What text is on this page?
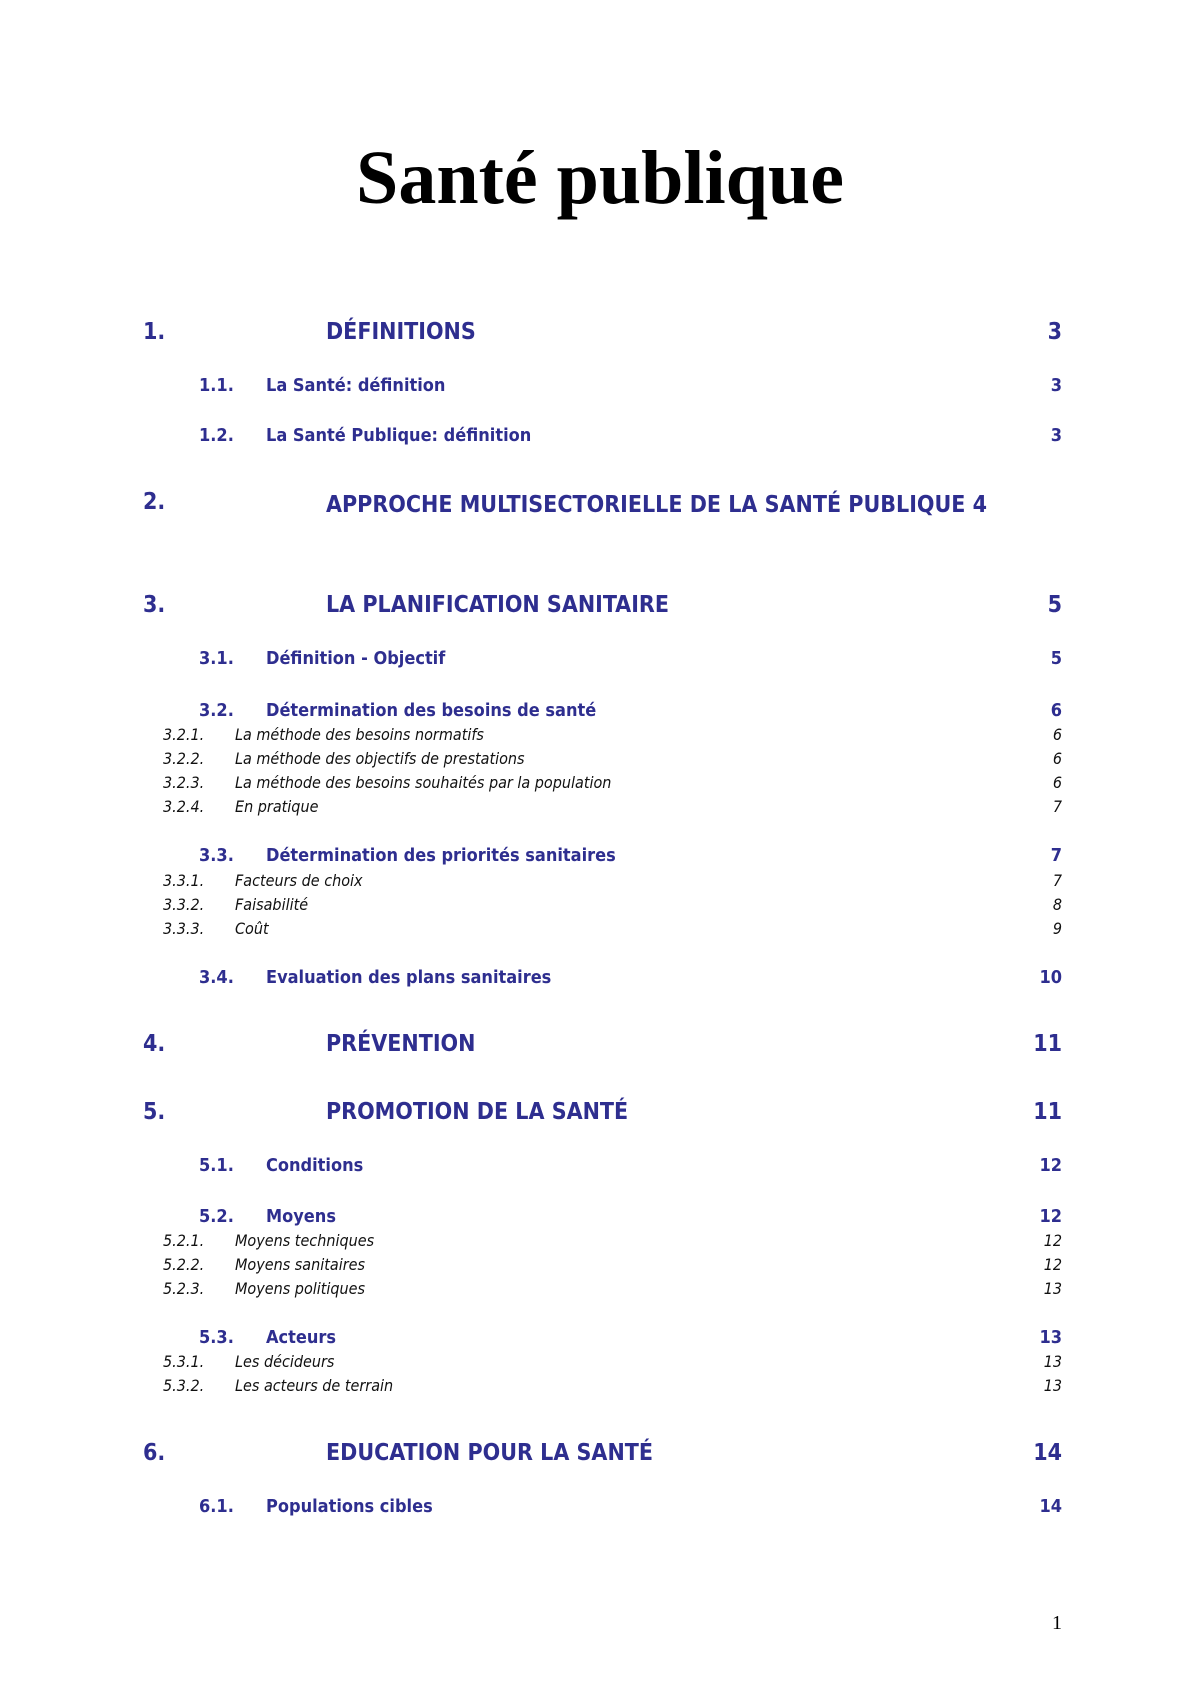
Santé publique
1.	DÉFINITIONS	3
1.1. La Santé: définition	3
1.2. La Santé Publique: définition	3
2.	APPROCHE MULTISECTORIELLE DE LA SANTÉ PUBLIQUE 4
3.	LA PLANIFICATION SANITAIRE	5
3.1. Définition - Objectif	5
3.2. Détermination des besoins de santé	6
3.2.1. La méthode des besoins normatifs	6
3.2.2. La méthode des objectifs de prestations	6
3.2.3. La méthode des besoins souhaités par la population	6
3.2.4. En pratique	7
3.3. Détermination des priorités sanitaires	7
3.3.1. Facteurs de choix	7
3.3.2. Faisabilité	8
3.3.3. Coût	9
3.4. Evaluation des plans sanitaires	10
4.	PRÉVENTION	11
5.	PROMOTION DE LA SANTÉ	11
5.1. Conditions	12
5.2. Moyens	12
5.2.1. Moyens techniques	12
5.2.2. Moyens sanitaires	12
5.2.3. Moyens politiques	13
5.3. Acteurs	13
5.3.1. Les décideurs	13
5.3.2. Les acteurs de terrain	13
6.	EDUCATION POUR LA SANTÉ	14
6.1. Populations cibles	14
1
